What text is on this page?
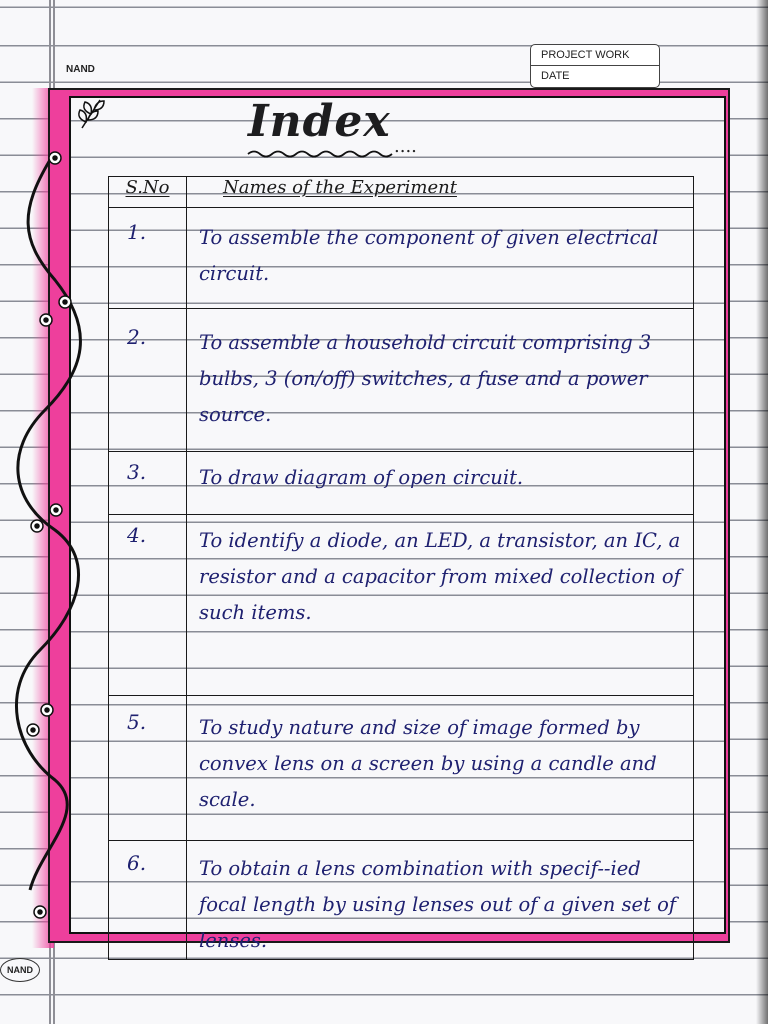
NAND
PROJECT WORK
DATE
Index ....
S.No	Names of the Experiment
1.	To assemble the component of given electrical circuit.
2.	To assemble a household circuit comprising 3 bulbs, 3 (on/off) switches, a fuse and a power source.
3.	To draw diagram of open circuit.
4.	To identify a diode, an LED, a transistor, an IC, a resistor and a capacitor from mixed collection of such items.
5.	To study nature and size of image formed by convex lens on a screen by using a candle and scale.
6.	To obtain a lens combination with specif--ied focal length by using lenses out of a given set of lenses.
NAND
